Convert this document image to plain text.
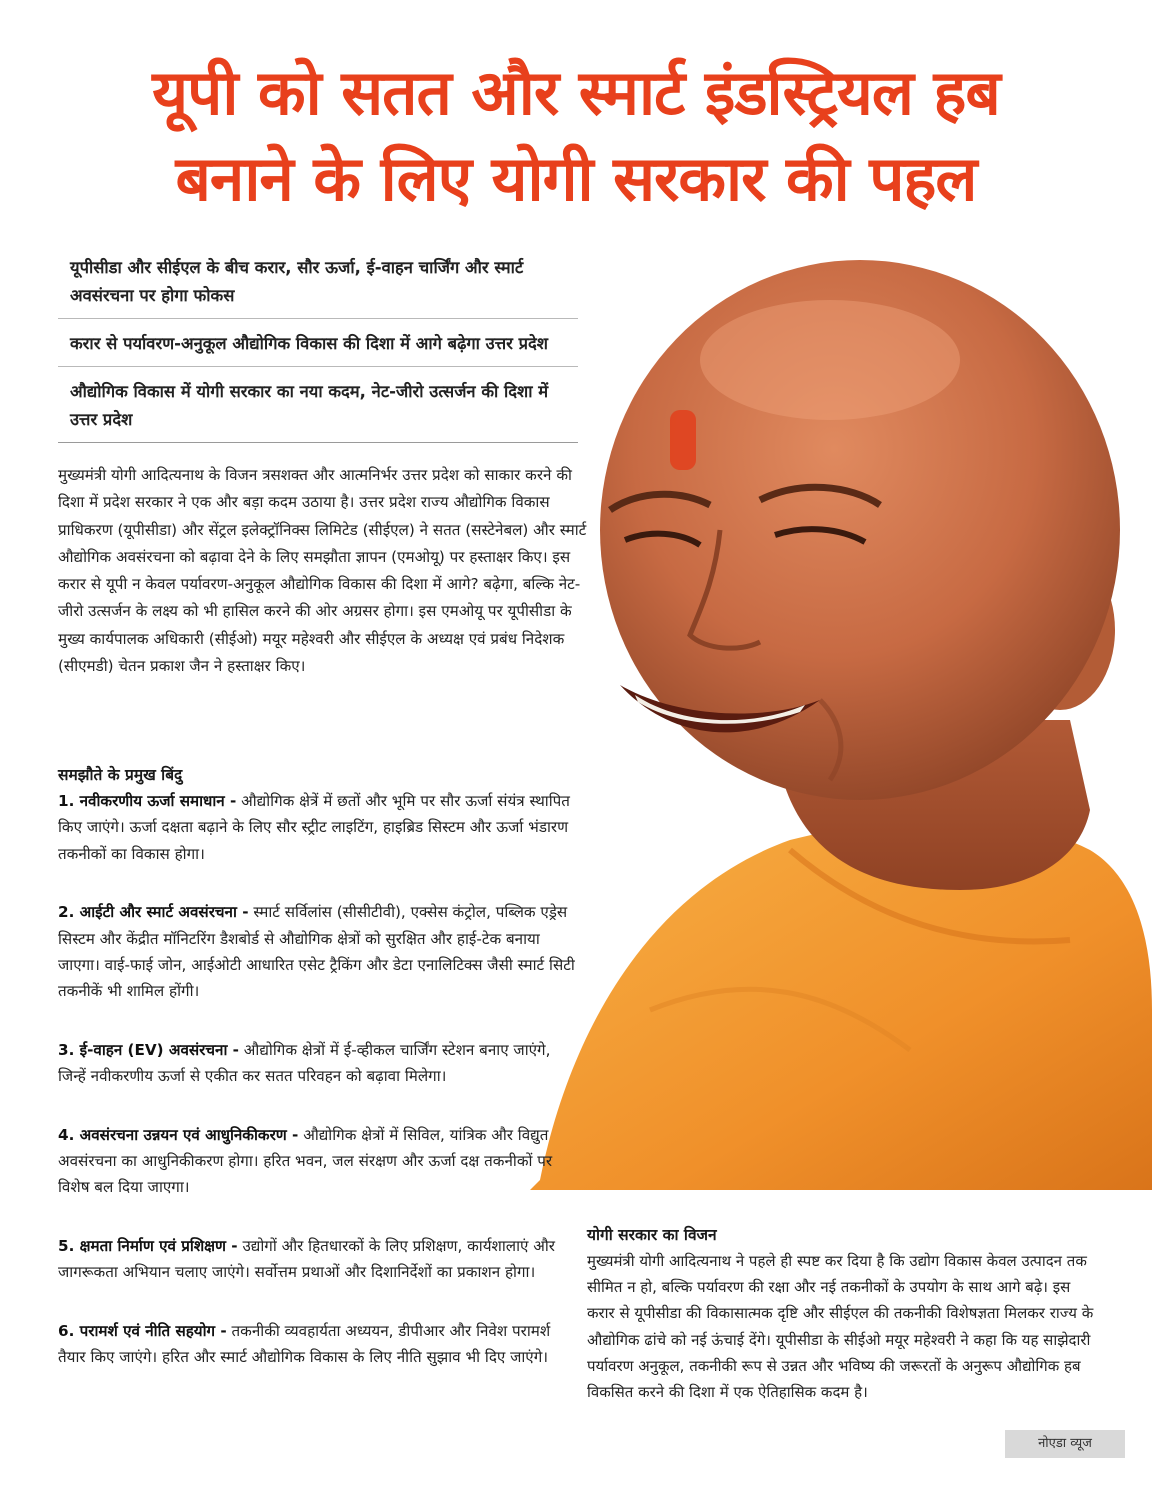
यूपी को सतत और स्मार्ट इंडस्ट्रियल हब
बनाने के लिए योगी सरकार की पहल
यूपीसीडा और सीईएल के बीच करार, सौर ऊर्जा, ई-वाहन चार्जिंग और स्मार्ट अवसंरचना पर होगा फोकस
करार से पर्यावरण-अनुकूल औद्योगिक विकास की दिशा में आगे बढ़ेगा उत्तर प्रदेश
औद्योगिक विकास में योगी सरकार का नया कदम, नेट-जीरो उत्सर्जन की दिशा में उत्तर प्रदेश

मुख्यमंत्री योगी आदित्यनाथ के विजन त्रसशक्त और आत्मनिर्भर उत्तर प्रदेश को साकार करने की दिशा में प्रदेश सरकार ने एक और बड़ा कदम उठाया है। उत्तर प्रदेश राज्य औद्योगिक विकास प्राधिकरण (यूपीसीडा) और सेंट्रल इलेक्ट्रॉनिक्स लिमिटेड (सीईएल) ने सतत (सस्टेनेबल) और स्मार्ट औद्योगिक अवसंरचना को बढ़ावा देने के लिए समझौता ज्ञापन (एमओयू) पर हस्ताक्षर किए। इस करार से यूपी न केवल पर्यावरण-अनुकूल औद्योगिक विकास की दिशा में आगे? बढ़ेगा, बल्कि नेट-जीरो उत्सर्जन के लक्ष्य को भी हासिल करने की ओर अग्रसर होगा। इस एमओयू पर यूपीसीडा के मुख्य कार्यपालक अधिकारी (सीईओ) मयूर महेश्वरी और सीईएल के अध्यक्ष एवं प्रबंध निदेशक (सीएमडी) चेतन प्रकाश जैन ने हस्ताक्षर किए।

समझौते के प्रमुख बिंदु

1. नवीकरणीय ऊर्जा समाधान - औद्योगिक क्षेत्रें में छतों और भूमि पर सौर ऊर्जा संयंत्र स्थापित किए जाएंगे। ऊर्जा दक्षता बढ़ाने के लिए सौर स्ट्रीट लाइटिंग, हाइब्रिड सिस्टम और ऊर्जा भंडारण तकनीकों का विकास होगा।

2. आईटी और स्मार्ट अवसंरचना - स्मार्ट सर्विलांस (सीसीटीवी), एक्सेस कंट्रोल, पब्लिक एड्रेस सिस्टम और केंद्रीत मॉनिटरिंग डैशबोर्ड से औद्योगिक क्षेत्रों को सुरक्षित और हाई-टेक बनाया जाएगा। वाई-फाई जोन, आईओटी आधारित एसेट ट्रैकिंग और डेटा एनालिटिक्स जैसी स्मार्ट सिटी तकनीकें भी शामिल होंगी।

3. ई-वाहन (EV) अवसंरचना - औद्योगिक क्षेत्रों में ई-व्हीकल चार्जिंग स्टेशन बनाए जाएंगे, जिन्हें नवीकरणीय ऊर्जा से एकीत कर सतत परिवहन को बढ़ावा मिलेगा।

4. अवसंरचना उन्नयन एवं आधुनिकीकरण - औद्योगिक क्षेत्रों में सिविल, यांत्रिक और विद्युत अवसंरचना का आधुनिकीकरण होगा। हरित भवन, जल संरक्षण और ऊर्जा दक्ष तकनीकों पर विशेष बल दिया जाएगा।

5. क्षमता निर्माण एवं प्रशिक्षण - उद्योगों और हितधारकों के लिए प्रशिक्षण, कार्यशालाएं और जागरूकता अभियान चलाए जाएंगे। सर्वोत्तम प्रथाओं और दिशानिर्देशों का प्रकाशन होगा।

6. परामर्श एवं नीति सहयोग - तकनीकी व्यवहार्यता अध्ययन, डीपीआर और निवेश परामर्श तैयार किए जाएंगे। हरित और स्मार्ट औद्योगिक विकास के लिए नीति सुझाव भी दिए जाएंगे।

योगी सरकार का विजन

मुख्यमंत्री योगी आदित्यनाथ ने पहले ही स्पष्ट कर दिया है कि उद्योग विकास केवल उत्पादन तक सीमित न हो, बल्कि पर्यावरण की रक्षा और नई तकनीकों के उपयोग के साथ आगे बढ़े। इस करार से यूपीसीडा की विकासात्मक दृष्टि और सीईएल की तकनीकी विशेषज्ञता मिलकर राज्य के औद्योगिक ढांचे को नई ऊंचाई देंगे। यूपीसीडा के सीईओ मयूर महेश्वरी ने कहा कि यह साझेदारी पर्यावरण अनुकूल, तकनीकी रूप से उन्नत और भविष्य की जरूरतों के अनुरूप औद्योगिक हब विकसित करने की दिशा में एक ऐतिहासिक कदम है।

नोएडा व्यूज
